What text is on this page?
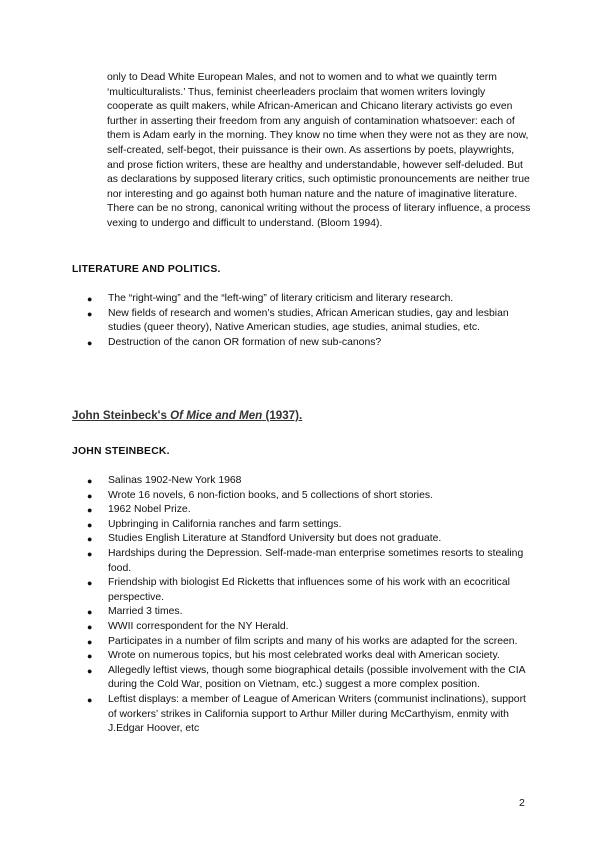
only to Dead White European Males, and not to women and to what we quaintly term ‘multiculturalists.’ Thus, feminist cheerleaders proclaim that women writers lovingly cooperate as quilt makers, while African-American and Chicano literary activists go even further in asserting their freedom from any anguish of contamination whatsoever: each of them is Adam early in the morning. They know no time when they were not as they are now, self-created, self-begot, their puissance is their own. As assertions by poets, playwrights, and prose fiction writers, these are healthy and understandable, however self-deluded. But as declarations by supposed literary critics, such optimistic pronouncements are neither true nor interesting and go against both human nature and the nature of imaginative literature. There can be no strong, canonical writing without the process of literary influence, a process vexing to undergo and difficult to understand. (Bloom 1994).

LITERATURE AND POLITICS.
● The “right-wing” and the “left-wing” of literary criticism and literary research.
● New fields of research and women’s studies, African American studies, gay and lesbian studies (queer theory), Native American studies, age studies, animal studies, etc.
● Destruction of the canon OR formation of new sub-canons?
John Steinbeck's Of Mice and Men (1937).
JOHN STEINBECK.
● Salinas 1902-New York 1968
● Wrote 16 novels, 6 non-fiction books, and 5 collections of short stories.
● 1962 Nobel Prize.
● Upbringing in California ranches and farm settings.
● Studies English Literature at Standford University but does not graduate.
● Hardships during the Depression. Self-made-man enterprise sometimes resorts to stealing food.
● Friendship with biologist Ed Ricketts that influences some of his work with an ecocritical perspective.
● Married 3 times.
● WWII correspondent for the NY Herald.
● Participates in a number of film scripts and many of his works are adapted for the screen.
● Wrote on numerous topics, but his most celebrated works deal with American society.
● Allegedly leftist views, though some biographical details (possible involvement with the CIA during the Cold War, position on Vietnam, etc.) suggest a more complex position.
● Leftist displays: a member of League of American Writers (communist inclinations), support of workers’ strikes in California support to Arthur Miller during McCarthyism, enmity with J.Edgar Hoover, etc
2
